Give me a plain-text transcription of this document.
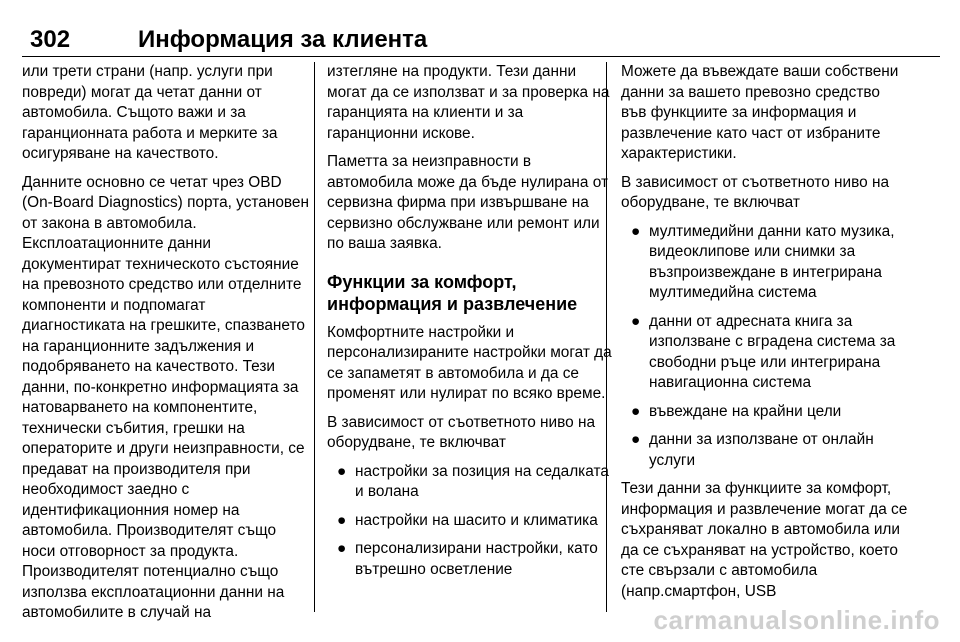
302	Информация за клиента

или трети страни (напр. услуги при повреди) могат да четат данни от автомобила. Същото важи и за гаранционната работа и мерките за осигуряване на качеството.

Данните основно се четат чрез OBD (On-Board Diagnostics) порта, установен от закона в автомобила. Експлоатационните данни документират техническото състояние на превозното средство или отделните компоненти и подпомагат диагностиката на грешките, спазването на гаранционните задължения и подобряването на качеството. Тези данни, по-конкретно информацията за натоварването на компонентите, технически събития, грешки на операторите и други неизправности, се предават на производителя при необходимост заедно с идентификационния номер на автомобила. Производителят също носи отговорност за продукта. Производителят потенциално също използва експлоатационни данни на автомобилите в случай на

изтегляне на продукти. Тези данни могат да се използват и за проверка на гаранцията на клиенти и за гаранционни искове.

Паметта за неизправности в автомобила може да бъде нулирана от сервизна фирма при извършване на сервизно обслужване или ремонт или по ваша заявка.

Функции за комфорт, информация и развлечение

Комфортните настройки и персонализираните настройки могат да се запаметят в автомобила и да се променят или нулират по всяко време.

В зависимост от съответното ниво на оборудване, те включват

● настройки за позиция на седалката и волана
● настройки на шасито и климатика
● персонализирани настройки, като вътрешно осветление

Можете да въвеждате ваши собствени данни за вашето превозно средство във функциите за информация и развлечение като част от избраните характеристики.

В зависимост от съответното ниво на оборудване, те включват

● мултимедийни данни като музика, видеоклипове или снимки за възпроизвеждане в интегрирана мултимедийна система
● данни от адресната книга за използване с вградена система за свободни ръце или интегрирана навигационна система
● въвеждане на крайни цели
● данни за използване от онлайн услуги

Тези данни за функциите за комфорт, информация и развлечение могат да се съхраняват локално в автомобила или да се съхраняват на устройство, което сте свързали с автомобила (напр.смартфон, USB

carmanualsonline.info
